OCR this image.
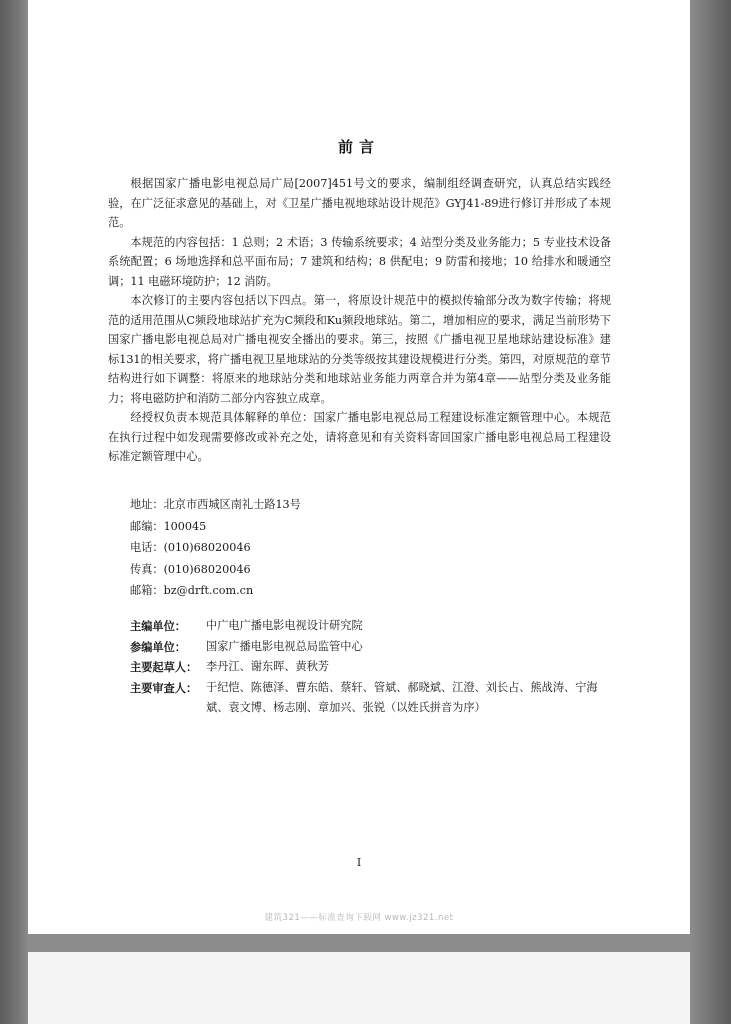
前言

根据国家广播电影电视总局广局[2007]451号文的要求，编制组经调查研究，认真总结实践经验，在广泛征求意见的基础上，对《卫星广播电视地球站设计规范》GYJ41-89进行修订并形成了本规范。

本规范的内容包括：1 总则；2 术语；3 传输系统要求；4 站型分类及业务能力；5 专业技术设备系统配置；6 场地选择和总平面布局；7 建筑和结构；8 供配电；9 防雷和接地；10 给排水和暖通空调；11 电磁环境防护；12 消防。

本次修订的主要内容包括以下四点。第一，将原设计规范中的模拟传输部分改为数字传输；将规范的适用范围从C频段地球站扩充为C频段和Ku频段地球站。第二，增加相应的要求，满足当前形势下国家广播电影电视总局对广播电视安全播出的要求。第三，按照《广播电视卫星地球站建设标准》建标131的相关要求，将广播电视卫星地球站的分类等级按其建设规模进行分类。第四，对原规范的章节结构进行如下调整：将原来的地球站分类和地球站业务能力两章合并为第4章——站型分类及业务能力；将电磁防护和消防二部分内容独立成章。

经授权负责本规范具体解释的单位：国家广播电影电视总局工程建设标准定额管理中心。本规范在执行过程中如发现需要修改或补充之处，请将意见和有关资料寄回国家广播电影电视总局工程建设标准定额管理中心。

地址：北京市西城区南礼士路13号
邮编：100045
电话：(010)68020046
传真：(010)68020046
邮箱：bz@drft.com.cn
主编单位：	中广电广播电影电视设计研究院
参编单位：	国家广播电影电视总局监管中心
主要起草人： 李丹江、谢东晖、黄秋芳
主要审查人： 于纪恺、陈德泽、曹东皓、蔡轩、管斌、郝晓斌、江澄、刘长占、熊战涛、宁海斌、袁文博、杨志刚、章加兴、张锐（以姓氏拼音为序）
I
建筑321——标准查询下载网 www.jz321.net
